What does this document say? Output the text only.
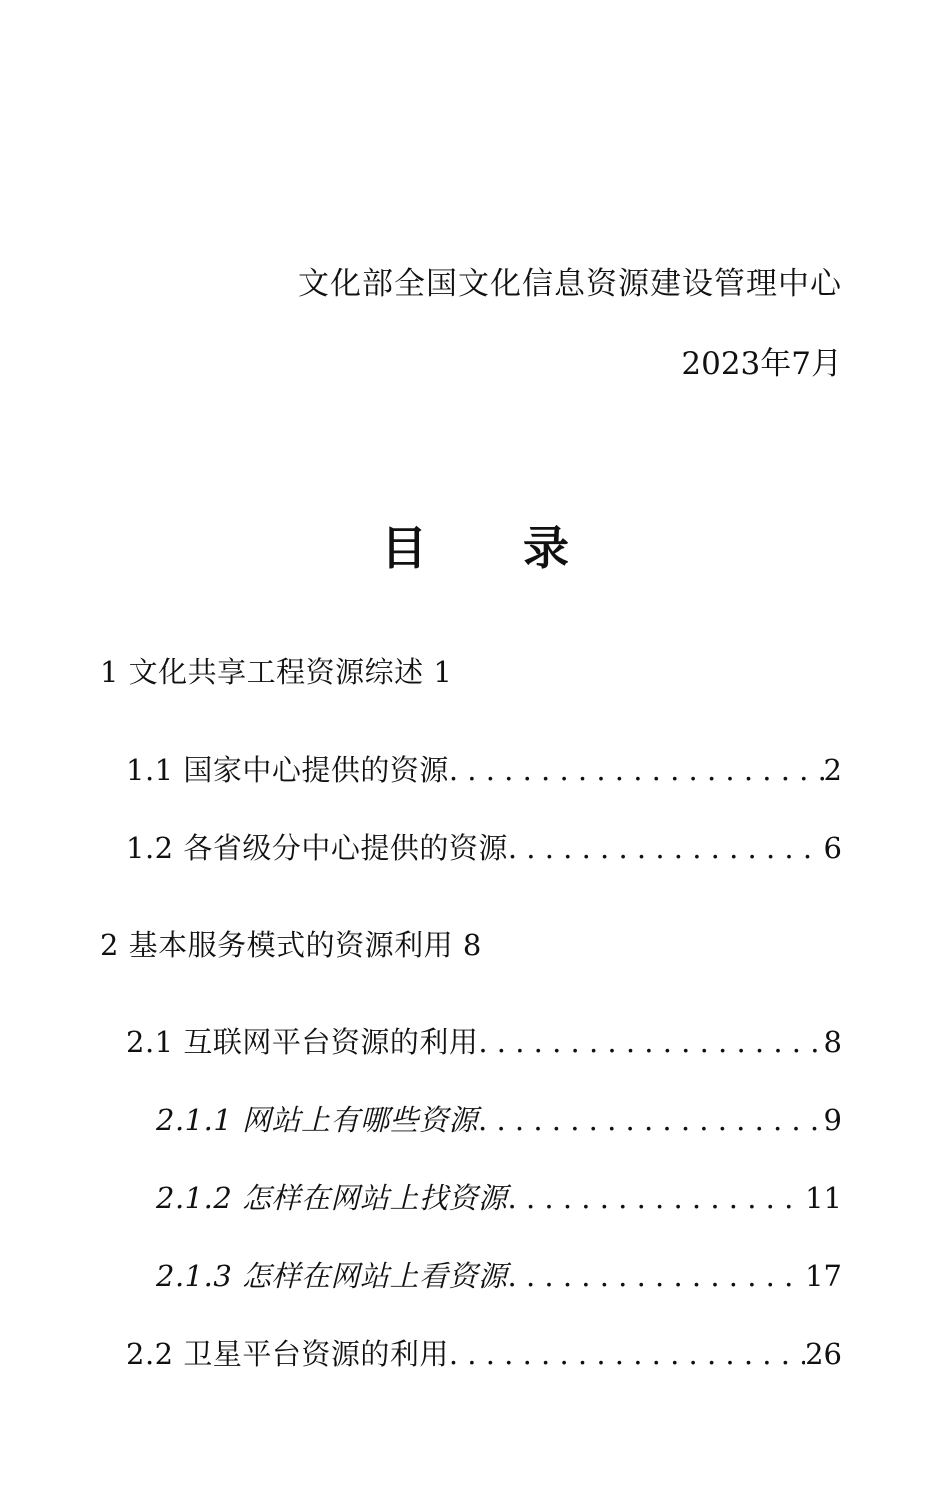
文化部全国文化信息资源建设管理中心
2023年7月
目录
1 文化共享工程资源综述 1
1.1 国家中心提供的资源 . . .	2
1.2 各省级分中心提供的资源 . . .	6
2 基本服务模式的资源利用 8
2.1 互联网平台资源的利用 . . .	8
2.1.1 网站上有哪些资源 . . .	9
2.1.2 怎样在网站上找资源 . . .	11
2.1.3 怎样在网站上看资源 . . .	17
2.2 卫星平台资源的利用 . . .	26
